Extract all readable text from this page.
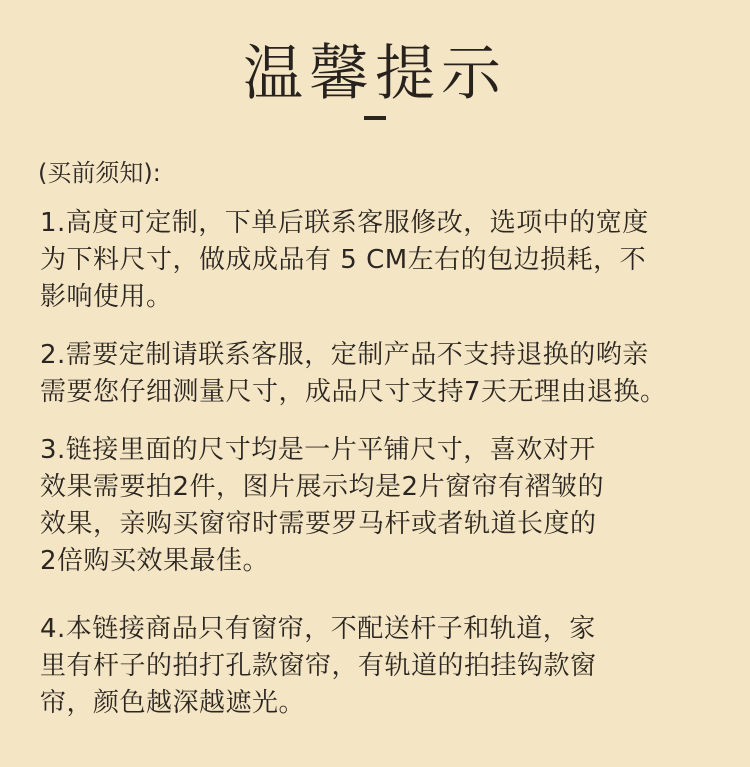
温馨提示
(买前须知):
1.高度可定制，下单后联系客服修改，选项中的宽度
为下料尺寸，做成成品有 5 CM左右的包边损耗，不
影响使用。
2.需要定制请联系客服，定制产品不支持退换的哟亲
需要您仔细测量尺寸，成品尺寸支持7天无理由退换。
3.链接里面的尺寸均是一片平铺尺寸，喜欢对开
效果需要拍2件，图片展示均是2片窗帘有褶皱的
效果，亲购买窗帘时需要罗马杆或者轨道长度的
2倍购买效果最佳。
4.本链接商品只有窗帘，不配送杆子和轨道，家
里有杆子的拍打孔款窗帘，有轨道的拍挂钩款窗
帘，颜色越深越遮光。
